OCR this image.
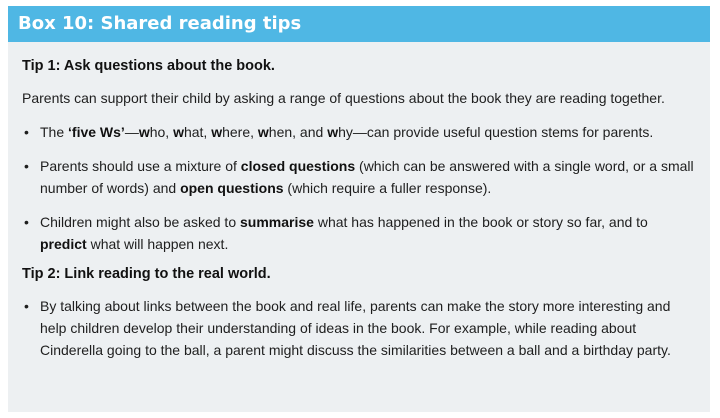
Box 10: Shared reading tips

Tip 1: Ask questions about the book.

Parents can support their child by asking a range of questions about the book they are reading together.

• The ‘five Ws’—who, what, where, when, and why—can provide useful question stems for parents.
• Parents should use a mixture of closed questions (which can be answered with a single word, or a small number of words) and open questions (which require a fuller response).
• Children might also be asked to summarise what has happened in the book or story so far, and to predict what will happen next.

Tip 2: Link reading to the real world.

• By talking about links between the book and real life, parents can make the story more interesting and help children develop their understanding of ideas in the book. For example, while reading about Cinderella going to the ball, a parent might discuss the similarities between a ball and a birthday party.
